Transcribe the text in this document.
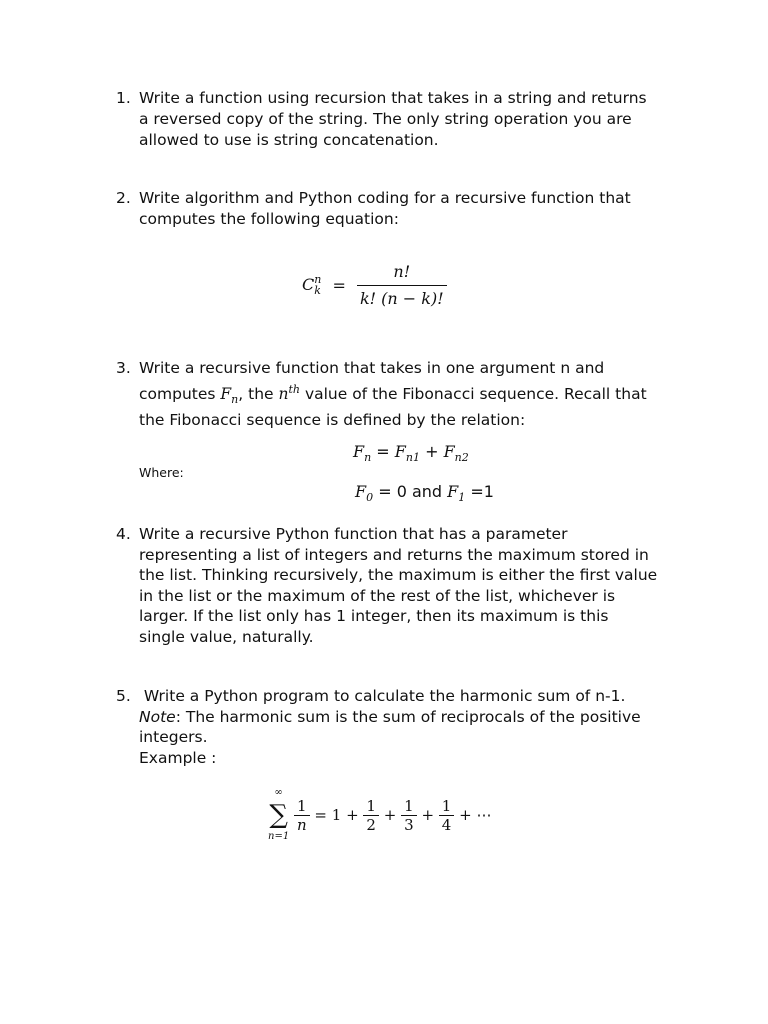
1. Write a function using recursion that takes in a string and returns
a reversed copy of the string. The only string operation you are
allowed to use is string concatenation.
2. Write algorithm and Python coding for a recursive function that
computes the following equation:
C n
$k = \frac{n!}{k! (n - k)!}$
3. Write a recursive function that takes in one argument n and
computes $F_n$, the $n^{th}$ value of the Fibonacci sequence. Recall that
the Fibonacci sequence is defined by the relation:
$F_n = F_{n1} + F_{n2}$
Where:
$F_0 = 0$ and $F_1 =1$
4. Write a recursive Python function that has a parameter
representing a list of integers and returns the maximum stored in
the list. Thinking recursively, the maximum is either the first value
in the list or the maximum of the rest of the list, whichever is
larger. If the list only has 1 integer, then its maximum is this
single value, naturally.
5. Write a Python program to calculate the harmonic sum of n-1.
Note: The harmonic sum is the sum of reciprocals of the positive
integers.
Example :
∞
∑
n=1

$\frac{1}{n} = 1 + \frac{1}{2} + \frac{1}{3} + \frac{1}{4}$ + ⋯
